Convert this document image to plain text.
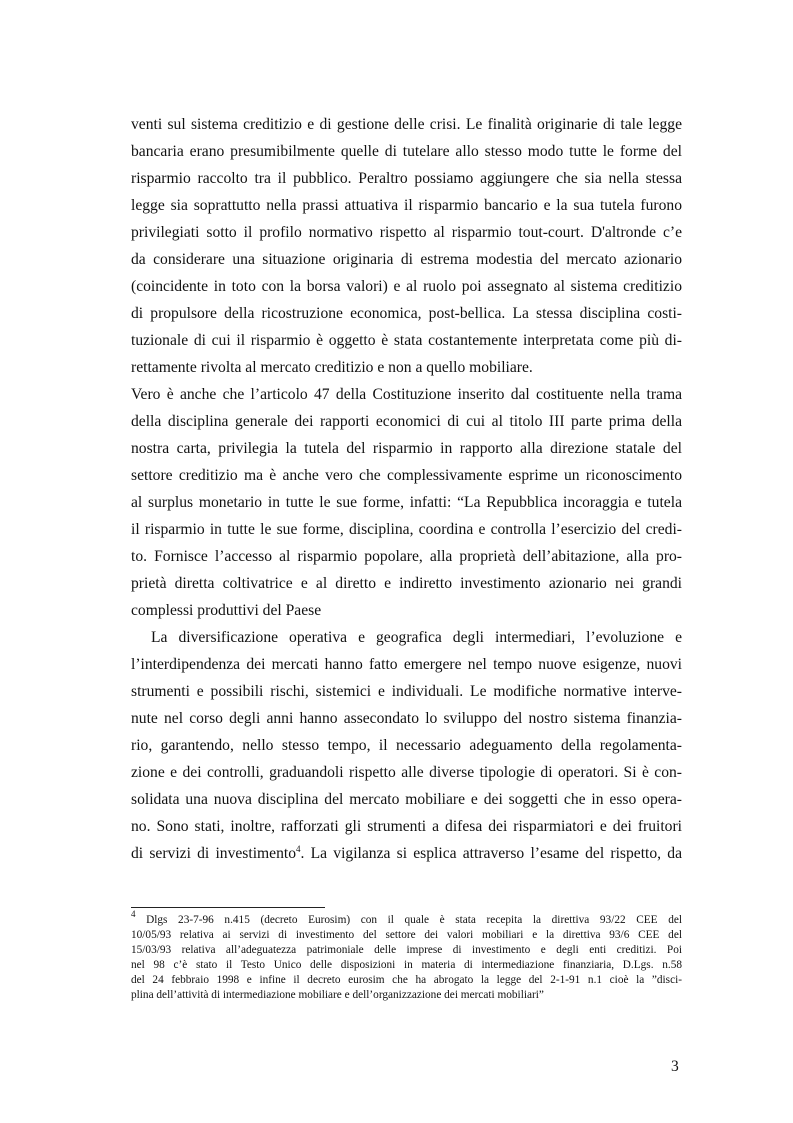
venti sul sistema creditizio e di gestione delle crisi. Le finalità originarie di tale legge
bancaria erano presumibilmente quelle di tutelare allo stesso modo tutte le forme del
risparmio raccolto tra il pubblico. Peraltro possiamo aggiungere che sia nella stessa
legge sia soprattutto nella prassi attuativa il risparmio bancario e la sua tutela furono
privilegiati sotto il profilo normativo rispetto al risparmio tout-court. D'altronde c’e
da considerare una situazione originaria di estrema modestia del mercato azionario
(coincidente in toto con la borsa valori) e al ruolo poi assegnato al sistema creditizio
di propulsore della ricostruzione economica, post-bellica. La stessa disciplina costi-
tuzionale di cui il risparmio è oggetto è stata costantemente interpretata come più di-
rettamente rivolta al mercato creditizio e non a quello mobiliare.
Vero è anche che l’articolo 47 della Costituzione inserito dal costituente nella trama
della disciplina generale dei rapporti economici di cui al titolo III parte prima della
nostra carta, privilegia la tutela del risparmio in rapporto alla direzione statale del
settore creditizio ma è anche vero che complessivamente esprime un riconoscimento
al surplus monetario in tutte le sue forme, infatti: “La Repubblica incoraggia e tutela
il risparmio in tutte le sue forme, disciplina, coordina e controlla l’esercizio del credi-
to. Fornisce l’accesso al risparmio popolare, alla proprietà dell’abitazione, alla pro-
prietà diretta coltivatrice e al diretto e indiretto investimento azionario nei grandi
complessi produttivi del Paese
La diversificazione operativa e geografica degli intermediari, l’evoluzione e
l’interdipendenza dei mercati hanno fatto emergere nel tempo nuove esigenze, nuovi
strumenti e possibili rischi, sistemici e individuali. Le modifiche normative interve-
nute nel corso degli anni hanno assecondato lo sviluppo del nostro sistema finanzia-
rio, garantendo, nello stesso tempo, il necessario adeguamento della regolamenta-
zione e dei controlli, graduandoli rispetto alle diverse tipologie di operatori. Si è con-
solidata una nuova disciplina del mercato mobiliare e dei soggetti che in esso opera-
no. Sono stati, inoltre, rafforzati gli strumenti a difesa dei risparmiatori e dei fruitori
di servizi di investimento$^4$. La vigilanza si esplica attraverso l’esame del rispetto, da
$^4$ Dlgs 23-7-96 n.415 (decreto Eurosim) con il quale è stata recepita la direttiva 93/22 CEE del
10/05/93 relativa ai servizi di investimento del settore dei valori mobiliari e la direttiva 93/6 CEE del
15/03/93 relativa all’adeguatezza patrimoniale delle imprese di investimento e degli enti creditizi. Poi
nel 98 c’è stato il Testo Unico delle disposizioni in materia di intermediazione finanziaria, D.Lgs. n.58
del 24 febbraio 1998 e infine il decreto eurosim che ha abrogato la legge del 2-1-91 n.1 cioè la ”disci-
plina dell’attività di intermediazione mobiliare e dell’organizzazione dei mercati mobiliari”
3
